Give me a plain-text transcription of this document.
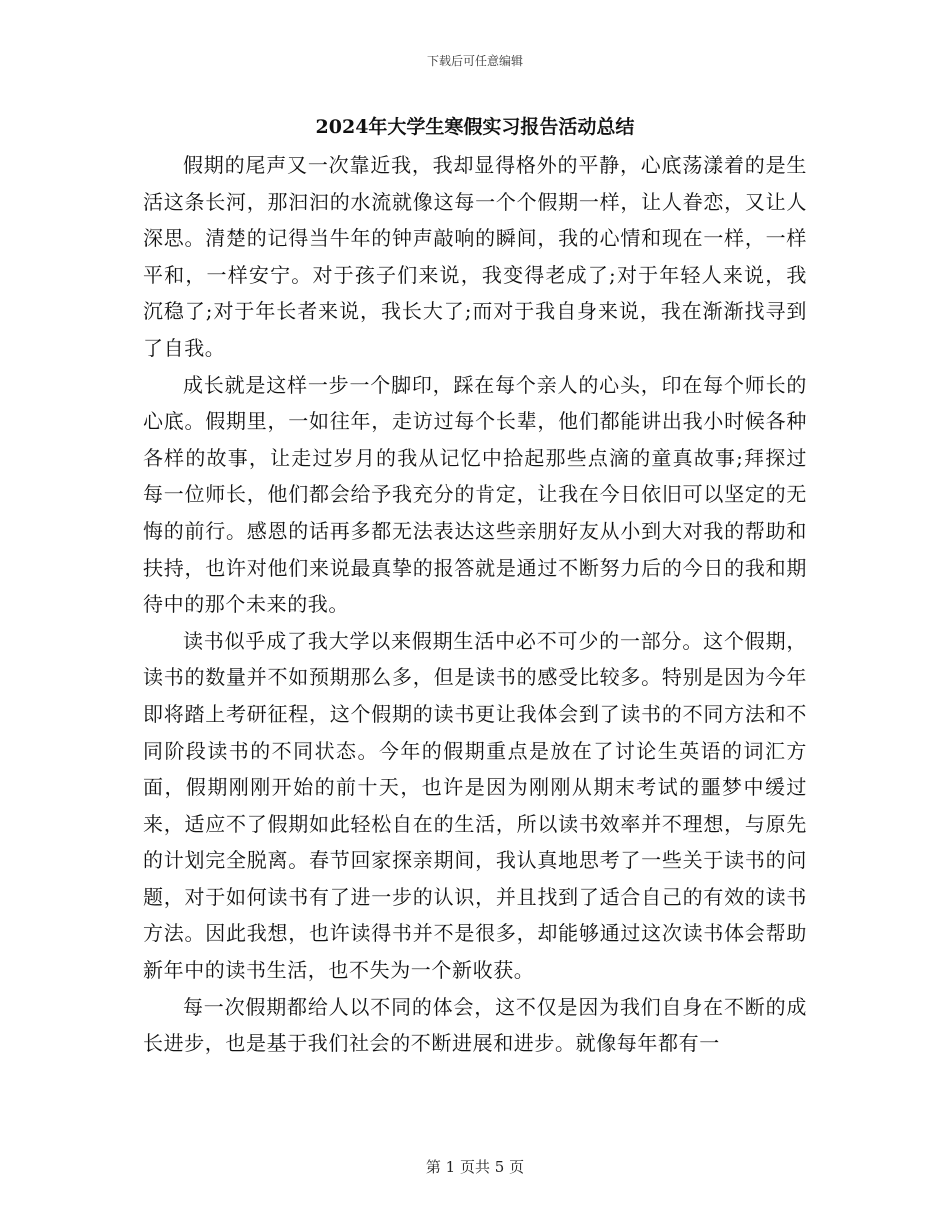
下载后可任意编辑
2024年大学生寒假实习报告活动总结

假期的尾声又一次靠近我，我却显得格外的平静，心底荡漾着的是生活这条长河，那汩汩的水流就像这每一个个假期一样，让人眷恋，又让人深思。清楚的记得当牛年的钟声敲响的瞬间，我的心情和现在一样，一样平和，一样安宁。对于孩子们来说，我变得老成了;对于年轻人来说，我沉稳了;对于年长者来说，我长大了;而对于我自身来说，我在渐渐找寻到了自我。

成长就是这样一步一个脚印，踩在每个亲人的心头，印在每个师长的心底。假期里，一如往年，走访过每个长辈，他们都能讲出我小时候各种各样的故事，让走过岁月的我从记忆中拾起那些点滴的童真故事;拜探过每一位师长，他们都会给予我充分的肯定，让我在今日依旧可以坚定的无悔的前行。感恩的话再多都无法表达这些亲朋好友从小到大对我的帮助和扶持，也许对他们来说最真挚的报答就是通过不断努力后的今日的我和期待中的那个未来的我。

读书似乎成了我大学以来假期生活中必不可少的一部分。这个假期，读书的数量并不如预期那么多，但是读书的感受比较多。特别是因为今年即将踏上考研征程，这个假期的读书更让我体会到了读书的不同方法和不同阶段读书的不同状态。今年的假期重点是放在了讨论生英语的词汇方面，假期刚刚开始的前十天，也许是因为刚刚从期末考试的噩梦中缓过来，适应不了假期如此轻松自在的生活，所以读书效率并不理想，与原先的计划完全脱离。春节回家探亲期间，我认真地思考了一些关于读书的问题，对于如何读书有了进一步的认识，并且找到了适合自己的有效的读书方法。因此我想，也许读得书并不是很多，却能够通过这次读书体会帮助新年中的读书生活，也不失为一个新收获。

每一次假期都给人以不同的体会，这不仅是因为我们自身在不断的成长进步，也是基于我们社会的不断进展和进步。就像每年都有一

第 1 页共 5 页
